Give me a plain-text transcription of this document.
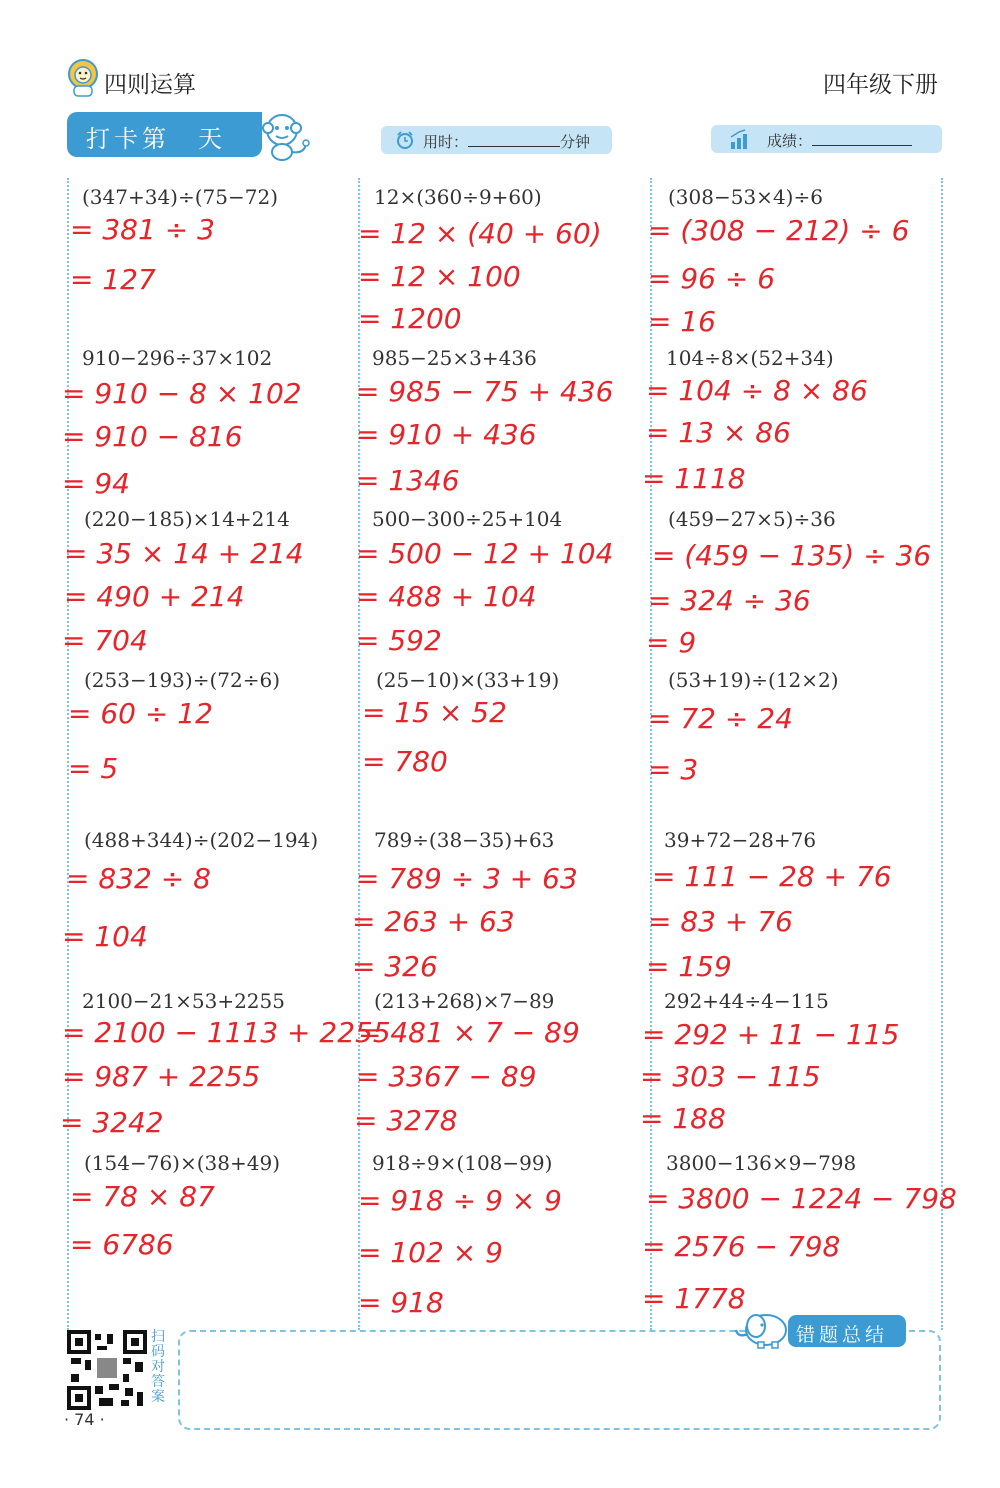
四则运算	四年级下册
打卡第　天	用时：	分钟	成绩：
(347+34)÷(75−72)
= 381 ÷ 3
= 127
910−296÷37×102
= 910 − 8 × 102
= 910 − 816
= 94
(220−185)×14+214
= 35 × 14 + 214
= 490 + 214
= 704
(253−193)÷(72÷6)
= 60 ÷ 12
= 5
(488+344)÷(202−194)
= 832 ÷ 8
= 104
2100−21×53+2255
= 2100 − 1113 + 2255
= 987 + 2255
= 3242
(154−76)×(38+49)
= 78 × 87
= 6786
12×(360÷9+60)
= 12 × (40 + 60)
= 12 × 100
= 1200
985−25×3+436
= 985 − 75 + 436
= 910 + 436
= 1346
500−300÷25+104
= 500 − 12 + 104
= 488 + 104
= 592
(25−10)×(33+19)
= 15 × 52
= 780
789÷(38−35)+63
= 789 ÷ 3 + 63
= 263 + 63
= 326
(213+268)×7−89
= 481 × 7 − 89
= 3367 − 89
= 3278
918÷9×(108−99)
= 918 ÷ 9 × 9
= 102 × 9
= 918
(308−53×4)÷6
= (308 − 212) ÷ 6
= 96 ÷ 6
= 16
104÷8×(52+34)
= 104 ÷ 8 × 86
= 13 × 86
= 1118
(459−27×5)÷36
= (459 − 135) ÷ 36
= 324 ÷ 36
= 9
(53+19)÷(12×2)
= 72 ÷ 24
= 3
39+72−28+76
= 111 − 28 + 76
= 83 + 76
= 159
292+44÷4−115
= 292 + 11 − 115
= 303 − 115
= 188
3800−136×9−798
= 3800 − 1224 − 798
= 2576 − 798
= 1778
扫码对答案
· 74 ·
错题总结
